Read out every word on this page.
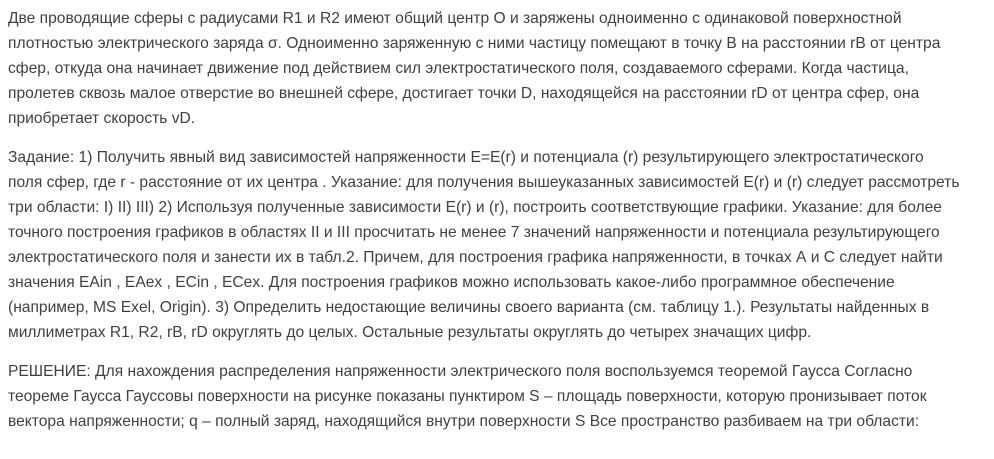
Две проводящие сферы с радиусами R1 и R2 имеют общий центр О и заряжены одноименно с одинаковой поверхностной
плотностью электрического заряда σ. Одноименно заряженную с ними частицу помещают в точку В на расстоянии rB от центра
сфер, откуда она начинает движение под действием сил электростатического поля, создаваемого сферами. Когда частица,
пролетев сквозь малое отверстие во внешней сфере, достигает точки D, находящейся на расстоянии rD от центра сфер, она
приобретает скорость vD.
Задание: 1) Получить явный вид зависимостей напряженности E=E(r) и потенциала (r) результирующего электростатического
поля сфер, где r - расстояние от их центра . Указание: для получения вышеуказанных зависимостей E(r) и (r) следует рассмотреть
три области: I) II) III) 2) Используя полученные зависимости E(r) и (r), построить соответствующие графики. Указание: для более
точного построения графиков в областях II и III просчитать не менее 7 значений напряженности и потенциала результирующего
электростатического поля и занести их в табл.2. Причем, для построения графика напряженности, в точках А и С следует найти
значения EAin , EAex , ECin , ECex. Для построения графиков можно использовать какое-либо программное обеспечение
(например, MS Exel, Origin). 3) Определить недостающие величины своего варианта (см. таблицу 1.). Результаты найденных в
миллиметрах R1, R2, rB, rD округлять до целых. Остальные результаты округлять до четырех значащих цифр.
РЕШЕНИЕ: Для нахождения распределения напряженности электрического поля воспользуемся теоремой Гаусса Согласно
теореме Гаусса Гауссовы поверхности на рисунке показаны пунктиром S – площадь поверхности, которую пронизывает поток
вектора напряженности; q – полный заряд, находящийся внутри поверхности S Все пространство разбиваем на три области:
